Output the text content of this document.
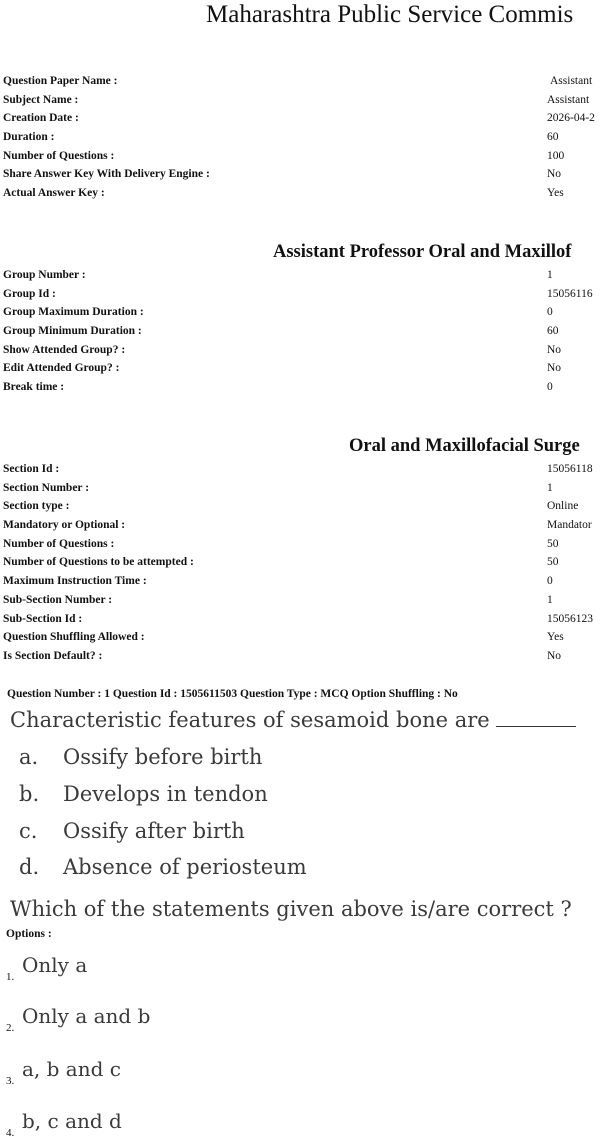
Maharashtra Public Service Commis
Question Paper Name :	Assistant
Subject Name :	Assistant
Creation Date :	2026-04-2
Duration :	60
Number of Questions :	100
Share Answer Key With Delivery Engine :	No
Actual Answer Key :	Yes
Assistant Professor Oral and Maxillof
Group Number :	1
Group Id :	15056116
Group Maximum Duration :	0
Group Minimum Duration :	60
Show Attended Group? :	No
Edit Attended Group? :	No
Break time :	0
Oral and Maxillofacial Surge
Section Id :	15056118
Section Number :	1
Section type :	Online
Mandatory or Optional :	Mandator
Number of Questions :	50
Number of Questions to be attempted :	50
Maximum Instruction Time :	0
Sub-Section Number :	1
Sub-Section Id :	15056123
Question Shuffling Allowed :	Yes
Is Section Default? :	No
Question Number : 1 Question Id : 1505611503 Question Type : MCQ Option Shuffling : No
Characteristic features of sesamoid bone are
a. Ossify before birth
b. Develops in tendon
c. Ossify after birth
d. Absence of periosteum
Which of the statements given above is/are correct ?
Options :
1. Only a
2. Only a and b
3. a, b and c
4. b, c and d
